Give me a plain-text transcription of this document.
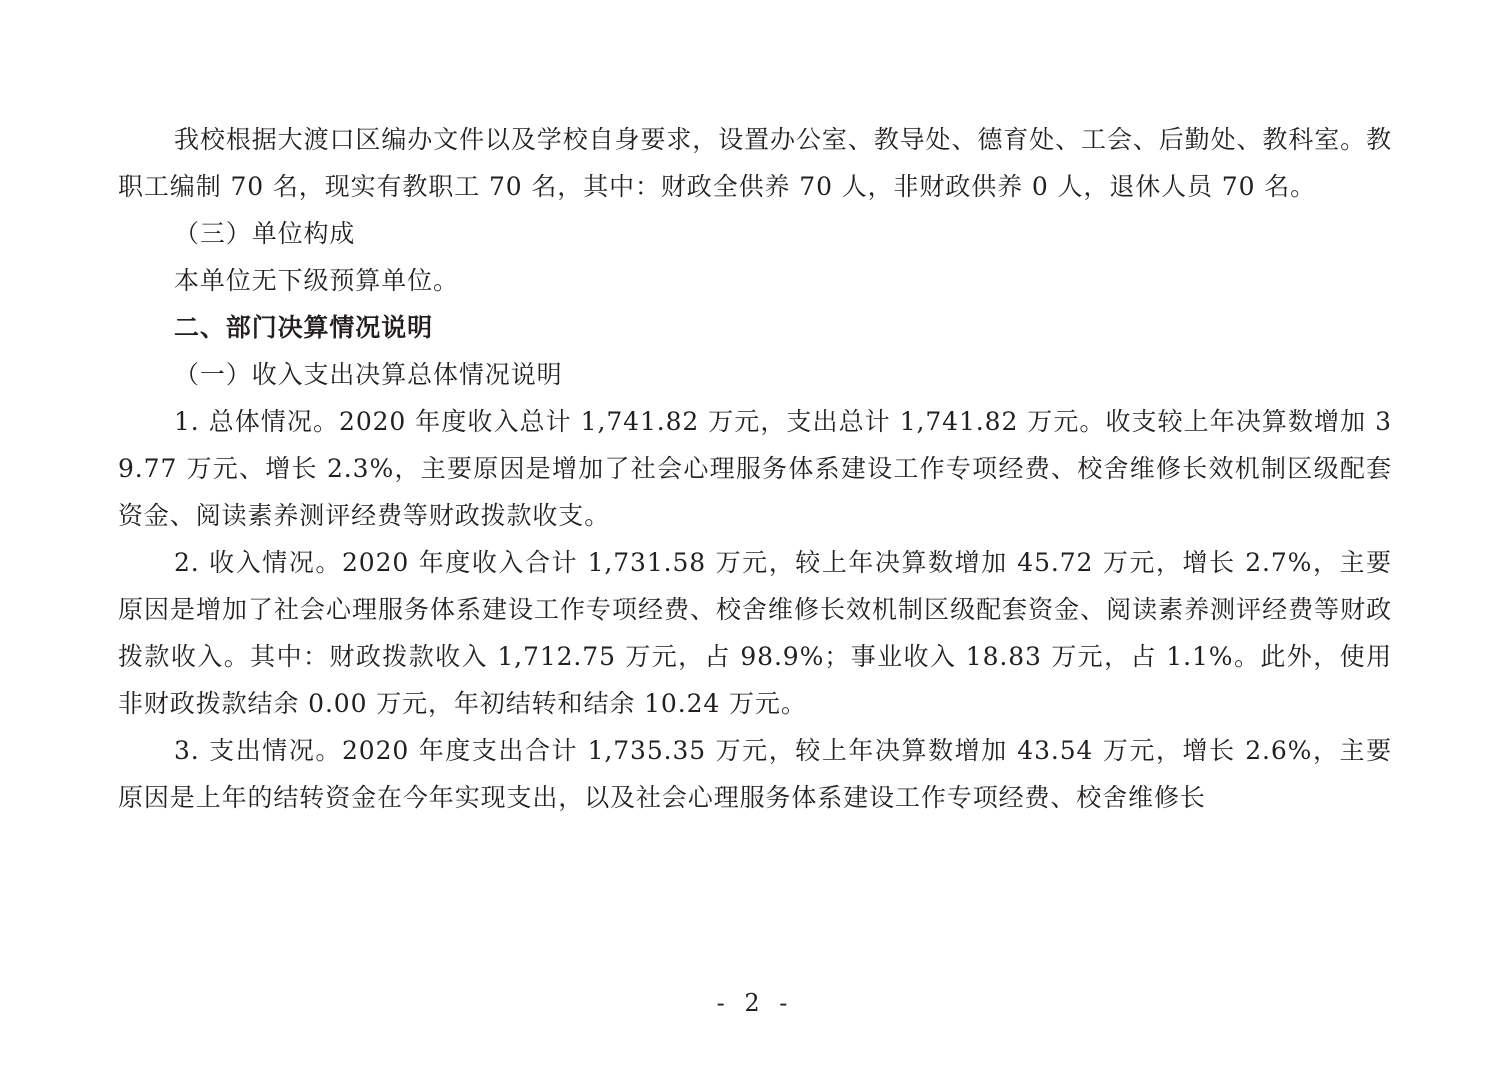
我校根据大渡口区编办文件以及学校自身要求，设置办公室、教导处、德育处、工会、后勤处、教科室。教职工编制 70 名，现实有教职工 70 名，其中：财政全供养 70 人，非财政供养 0 人，退休人员 70 名。

（三）单位构成

本单位无下级预算单位。

二、部门决算情况说明

（一）收入支出决算总体情况说明

1. 总体情况。2020 年度收入总计 1,741.82 万元，支出总计 1,741.82 万元。收支较上年决算数增加 39.77 万元、增长 2.3%，主要原因是增加了社会心理服务体系建设工作专项经费、校舍维修长效机制区级配套资金、阅读素养测评经费等财政拨款收支。

2. 收入情况。2020 年度收入合计 1,731.58 万元，较上年决算数增加 45.72 万元，增长 2.7%，主要原因是增加了社会心理服务体系建设工作专项经费、校舍维修长效机制区级配套资金、阅读素养测评经费等财政拨款收入。其中：财政拨款收入 1,712.75 万元，占 98.9%；事业收入 18.83 万元，占 1.1%。此外，使用非财政拨款结余 0.00 万元，年初结转和结余 10.24 万元。

3. 支出情况。2020 年度支出合计 1,735.35 万元，较上年决算数增加 43.54 万元，增长 2.6%，主要原因是上年的结转资金在今年实现支出，以及社会心理服务体系建设工作专项经费、校舍维修长

- 2 -
